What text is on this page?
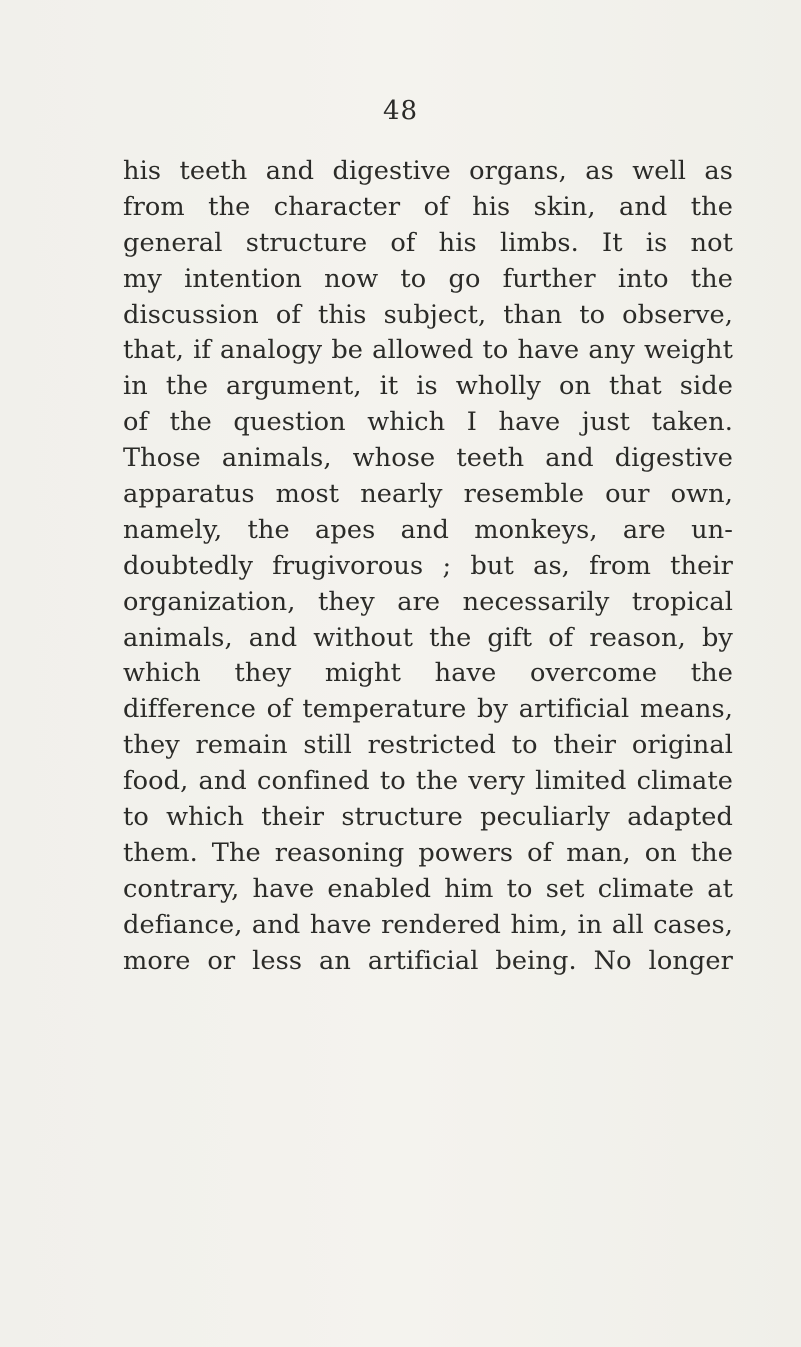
48
his teeth and digestive organs, as well as
from the character of his skin, and the
general structure of his limbs. It is not
my intention now to go further into the
discussion of this subject, than to observe,
that, if analogy be allowed to have any weight
in the argument, it is wholly on that side
of the question which I have just taken.
Those animals, whose teeth and digestive
apparatus most nearly resemble our own,
namely, the apes and monkeys, are un-
doubtedly frugivorous ; but as, from their
organization, they are necessarily tropical
animals, and without the gift of reason, by
which they might have overcome the
difference of temperature by artificial means,
they remain still restricted to their original
food, and confined to the very limited climate
to which their structure peculiarly adapted
them. The reasoning powers of man, on the
contrary, have enabled him to set climate at
defiance, and have rendered him, in all cases,
more or less an artificial being. No longer
